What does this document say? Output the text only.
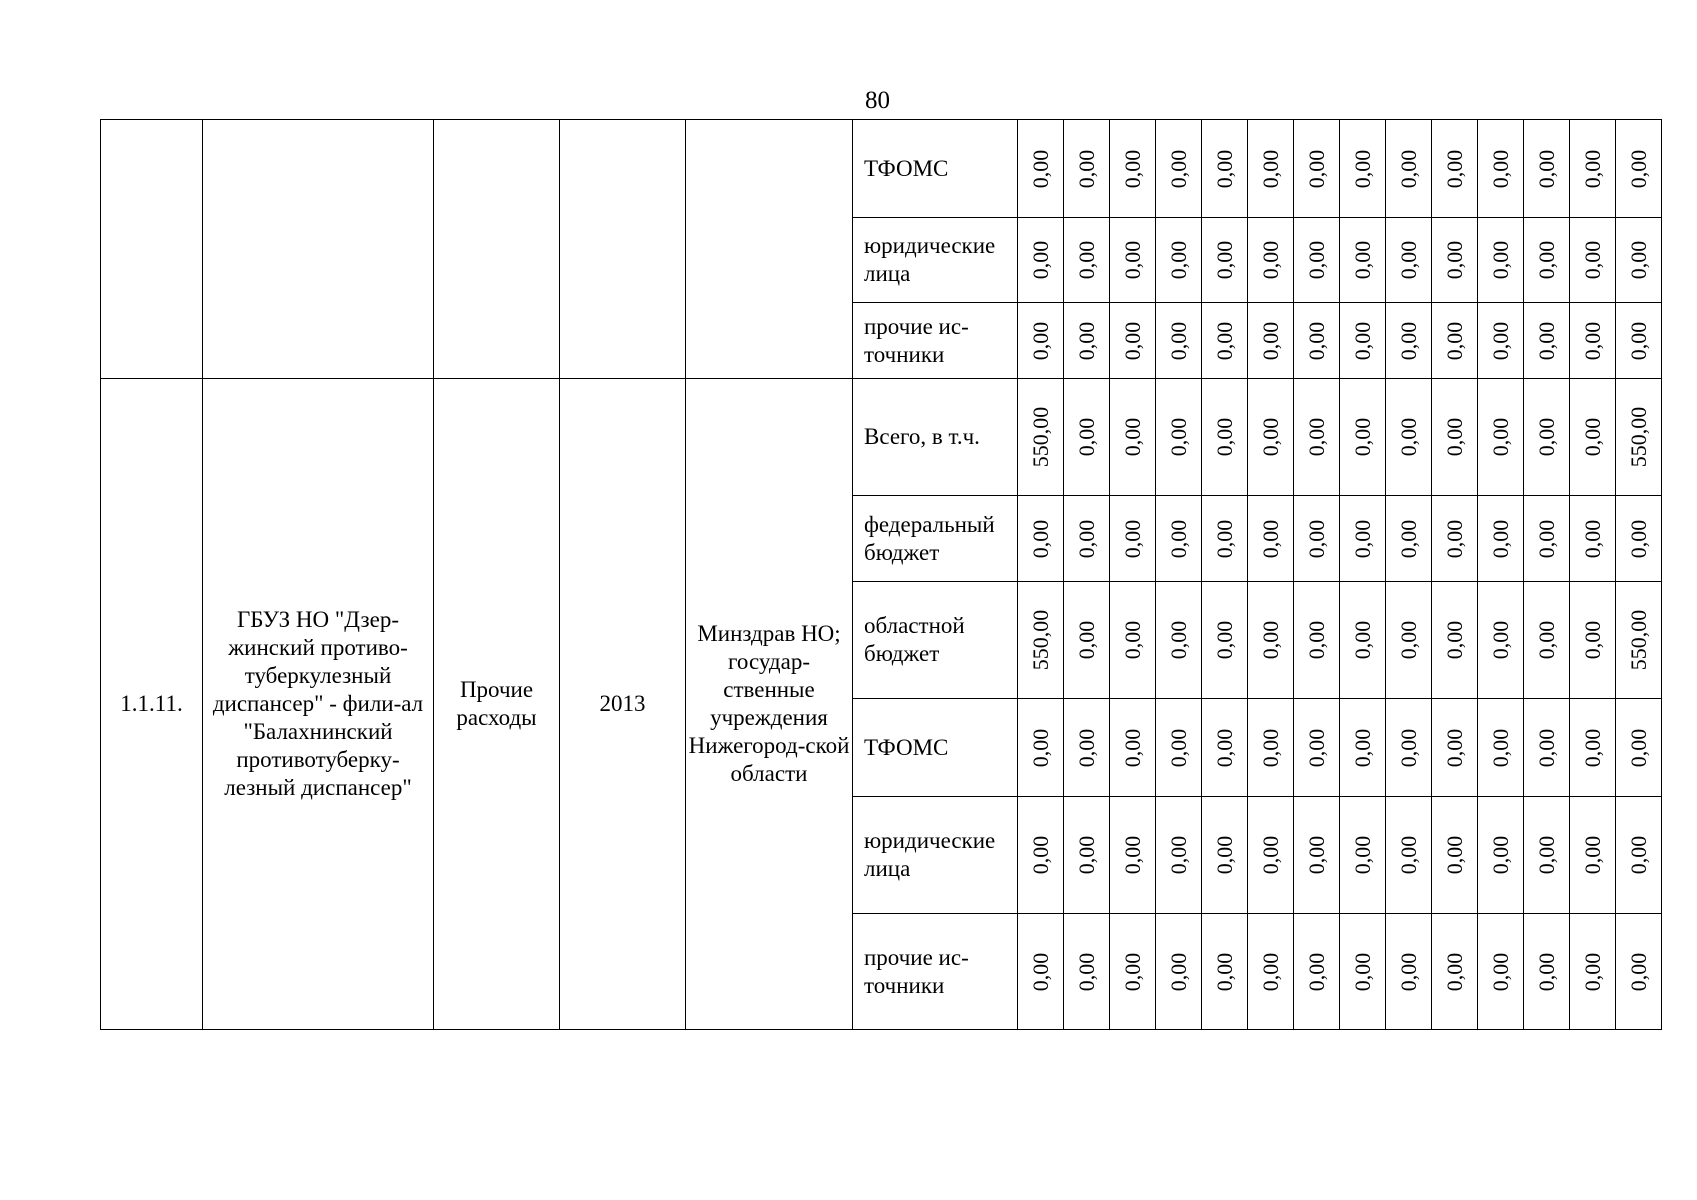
80
					ТФОМС	0,00	0,00	0,00	0,00	0,00	0,00	0,00	0,00	0,00	0,00	0,00	0,00	0,00	0,00

					юридические лица	0,00	0,00	0,00	0,00	0,00	0,00	0,00	0,00	0,00	0,00	0,00	0,00	0,00	0,00

					прочие ис-точники	0,00	0,00	0,00	0,00	0,00	0,00	0,00	0,00	0,00	0,00	0,00	0,00	0,00	0,00

1.1.11.	ГБУЗ НО "Дзер-жинский противо-туберкулезный диспансер" - фили-ал "Балахнинский противотуберку-лезный диспансер"	Прочие расходы	2013	Минздрав НО; государ-ственные учреждения Нижегород-ской области	Всего, в т.ч.	550,00	0,00	0,00	0,00	0,00	0,00	0,00	0,00	0,00	0,00	0,00	0,00	0,00	550,00

					федеральный бюджет	0,00	0,00	0,00	0,00	0,00	0,00	0,00	0,00	0,00	0,00	0,00	0,00	0,00	0,00

					областной бюджет	550,00	0,00	0,00	0,00	0,00	0,00	0,00	0,00	0,00	0,00	0,00	0,00	0,00	550,00

					ТФОМС	0,00	0,00	0,00	0,00	0,00	0,00	0,00	0,00	0,00	0,00	0,00	0,00	0,00	0,00

					юридические лица	0,00	0,00	0,00	0,00	0,00	0,00	0,00	0,00	0,00	0,00	0,00	0,00	0,00	0,00

					прочие ис-точники	0,00	0,00	0,00	0,00	0,00	0,00	0,00	0,00	0,00	0,00	0,00	0,00	0,00	0,00
